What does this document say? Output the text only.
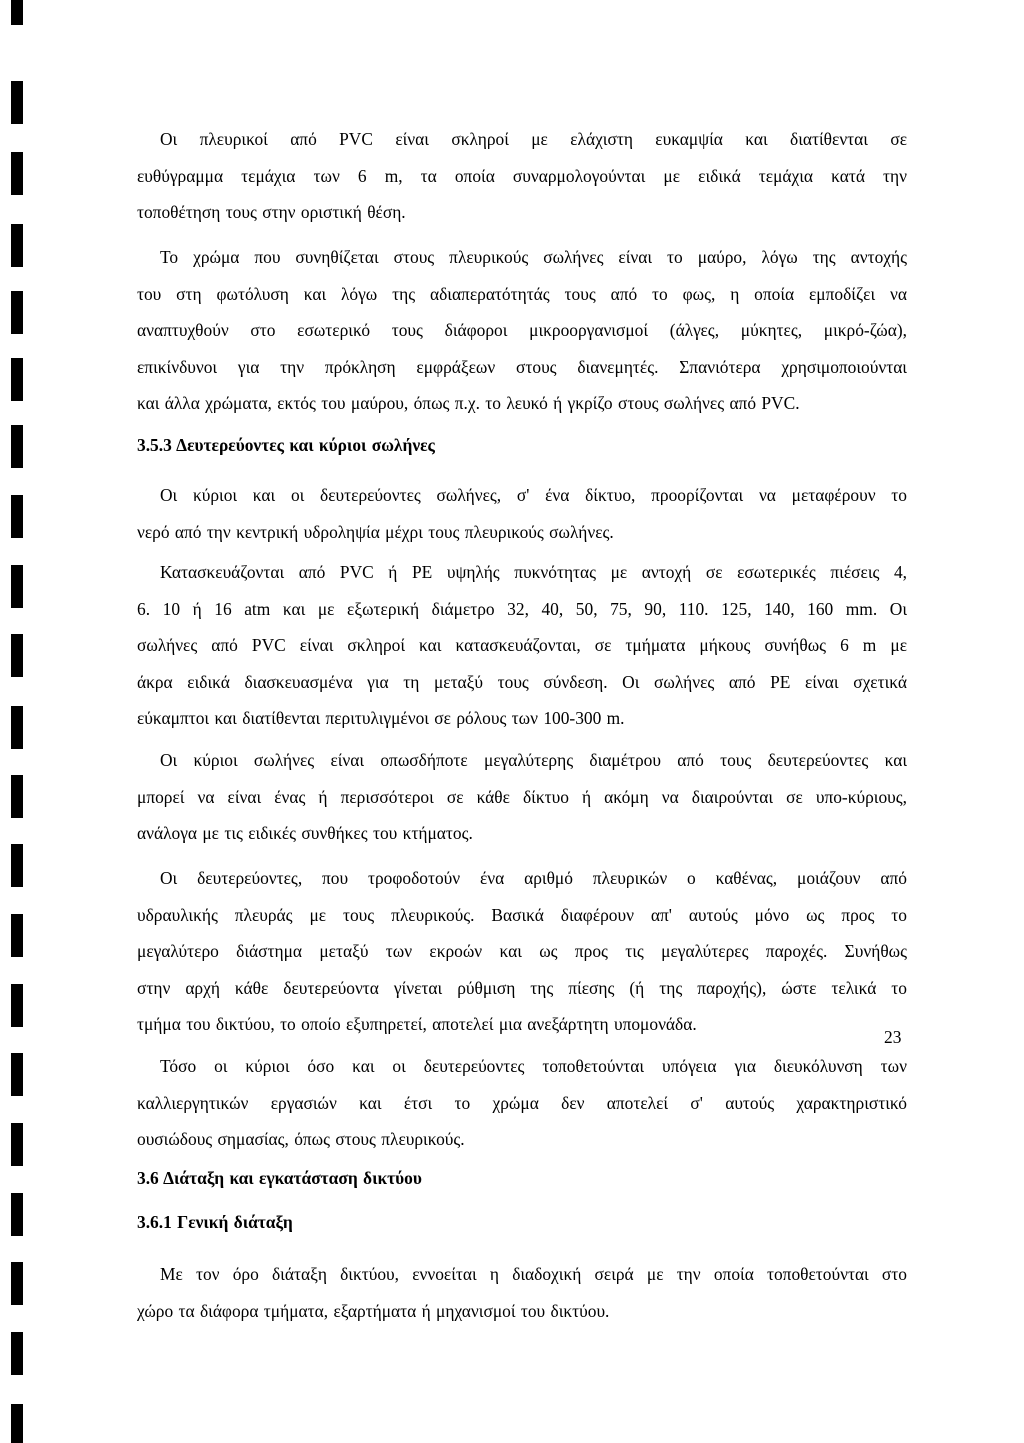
Οι πλευρικοί από PVC είναι σκληροί με ελάχιστη ευκαμψία και διατίθενται σε

ευθύγραμμα τεμάχια των 6 m, τα οποία συναρμολογούνται με ειδικά τεμάχια κατά την

τοποθέτηση τους στην οριστική θέση.

Το χρώμα που συνηθίζεται στους πλευρικούς σωλήνες είναι το μαύρο, λόγω της αντοχής

του στη φωτόλυση και λόγω της αδιαπερατότητάς τους από το φως, η οποία εμποδίζει να

αναπτυχθούν στο εσωτερικό τους διάφοροι μικροοργανισμοί (άλγες, μύκητες, μικρό-ζώα),

επικίνδυνοι για την πρόκληση εμφράξεων στους διανεμητές. Σπανιότερα χρησιμοποιούνται

και άλλα χρώματα, εκτός του μαύρου, όπως π.χ. το λευκό ή γκρίζο στους σωλήνες από PVC.

3.5.3 Δευτερεύοντες και κύριοι σωλήνες

Οι κύριοι και οι δευτερεύοντες σωλήνες, σ' ένα δίκτυο, προορίζονται να μεταφέρουν το

νερό από την κεντρική υδροληψία μέχρι τους πλευρικούς σωλήνες.

Κατασκευάζονται από PVC ή PE υψηλής πυκνότητας με αντοχή σε εσωτερικές πιέσεις 4,

6. 10 ή 16 atm και με εξωτερική διάμετρο 32, 40, 50, 75, 90, 110. 125, 140, 160 mm. Οι

σωλήνες από PVC είναι σκληροί και κατασκευάζονται, σε τμήματα μήκους συνήθως 6 m με

άκρα ειδικά διασκευασμένα για τη μεταξύ τους σύνδεση. Οι σωλήνες από PE είναι σχετικά

εύκαμπτοι και διατίθενται περιτυλιγμένοι σε ρόλους των 100-300 m.

Οι κύριοι σωλήνες είναι οπωσδήποτε μεγαλύτερης διαμέτρου από τους δευτερεύοντες και

μπορεί να είναι ένας ή περισσότεροι σε κάθε δίκτυο ή ακόμη να διαιρούνται σε υπο-κύριους,

ανάλογα με τις ειδικές συνθήκες του κτήματος.

Οι δευτερεύοντες, που τροφοδοτούν ένα αριθμό πλευρικών ο καθένας, μοιάζουν από

υδραυλικής πλευράς με τους πλευρικούς. Βασικά διαφέρουν απ' αυτούς μόνο ως προς το

μεγαλύτερο διάστημα μεταξύ των εκροών και ως προς τις μεγαλύτερες παροχές. Συνήθως

στην αρχή κάθε δευτερεύοντα γίνεται ρύθμιση της πίεσης (ή της παροχής), ώστε τελικά το

τμήμα του δικτύου, το οποίο εξυπηρετεί, αποτελεί μια ανεξάρτητη υπομονάδα.

Τόσο οι κύριοι όσο και οι δευτερεύοντες τοποθετούνται υπόγεια για διευκόλυνση των

καλλιεργητικών εργασιών και έτσι το χρώμα δεν αποτελεί σ' αυτούς χαρακτηριστικό

ουσιώδους σημασίας, όπως στους πλευρικούς.

3.6 Διάταξη και εγκατάσταση δικτύου

3.6.1 Γενική διάταξη

Με τον όρο διάταξη δικτύου, εννοείται η διαδοχική σειρά με την οποία τοποθετούνται στο

χώρο τα διάφορα τμήματα, εξαρτήματα ή μηχανισμοί του δικτύου.

23
